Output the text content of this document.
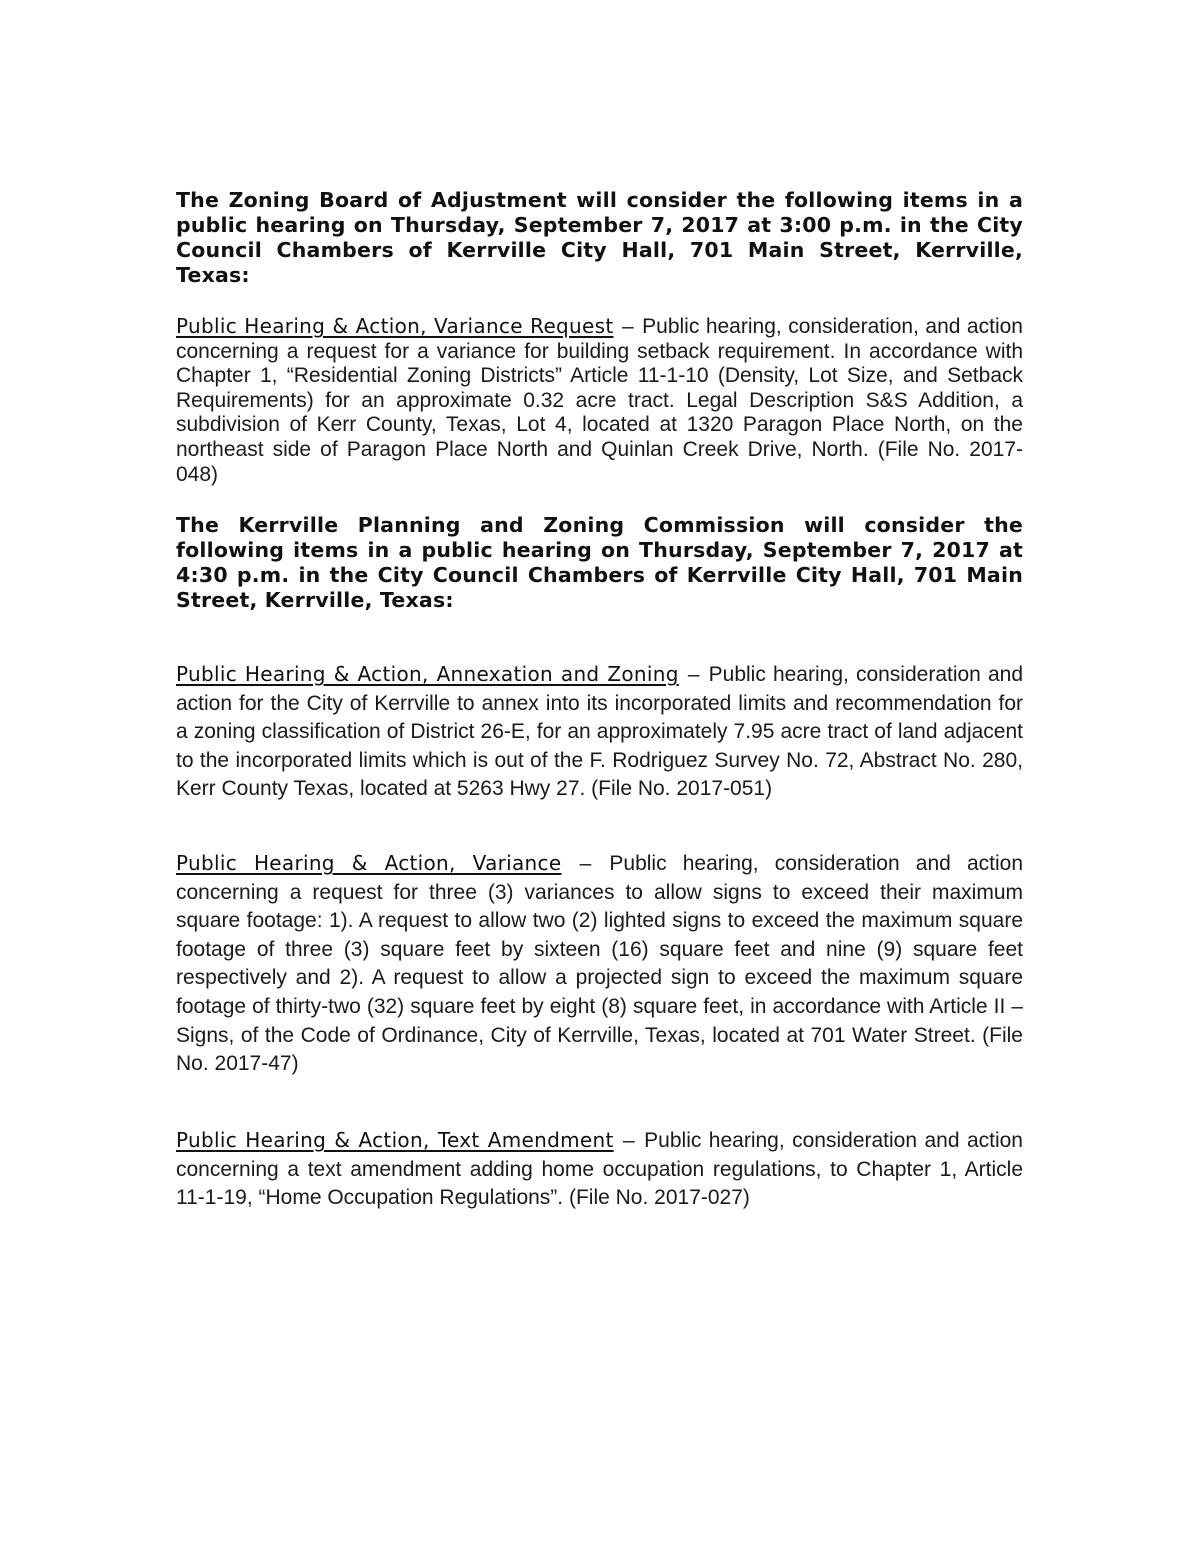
The Zoning Board of Adjustment will consider the following items in a public hearing on Thursday, September 7, 2017 at 3:00 p.m. in the City Council Chambers of Kerrville City Hall, 701 Main Street, Kerrville, Texas:

Public Hearing & Action, Variance Request – Public hearing, consideration, and action concerning a request for a variance for building setback requirement. In accordance with Chapter 1, “Residential Zoning Districts” Article 11-1-10 (Density, Lot Size, and Setback Requirements) for an approximate 0.32 acre tract. Legal Description S&S Addition, a subdivision of Kerr County, Texas, Lot 4, located at 1320 Paragon Place North, on the northeast side of Paragon Place North and Quinlan Creek Drive, North. (File No. 2017-048)

The Kerrville Planning and Zoning Commission will consider the following items in a public hearing on Thursday, September 7, 2017 at 4:30 p.m. in the City Council Chambers of Kerrville City Hall, 701 Main Street, Kerrville, Texas:

Public Hearing & Action, Annexation and Zoning – Public hearing, consideration and action for the City of Kerrville to annex into its incorporated limits and recommendation for a zoning classification of District 26-E, for an approximately 7.95 acre tract of land adjacent to the incorporated limits which is out of the F. Rodriguez Survey No. 72, Abstract No. 280, Kerr County Texas, located at 5263 Hwy 27. (File No. 2017-051)

Public Hearing & Action, Variance – Public hearing, consideration and action concerning a request for three (3) variances to allow signs to exceed their maximum square footage: 1). A request to allow two (2) lighted signs to exceed the maximum square footage of three (3) square feet by sixteen (16) square feet and nine (9) square feet respectively and 2). A request to allow a projected sign to exceed the maximum square footage of thirty-two (32) square feet by eight (8) square feet, in accordance with Article II – Signs, of the Code of Ordinance, City of Kerrville, Texas, located at 701 Water Street. (File No. 2017-47)

Public Hearing & Action, Text Amendment – Public hearing, consideration and action concerning a text amendment adding home occupation regulations, to Chapter 1, Article 11-1-19, “Home Occupation Regulations”. (File No. 2017-027)
